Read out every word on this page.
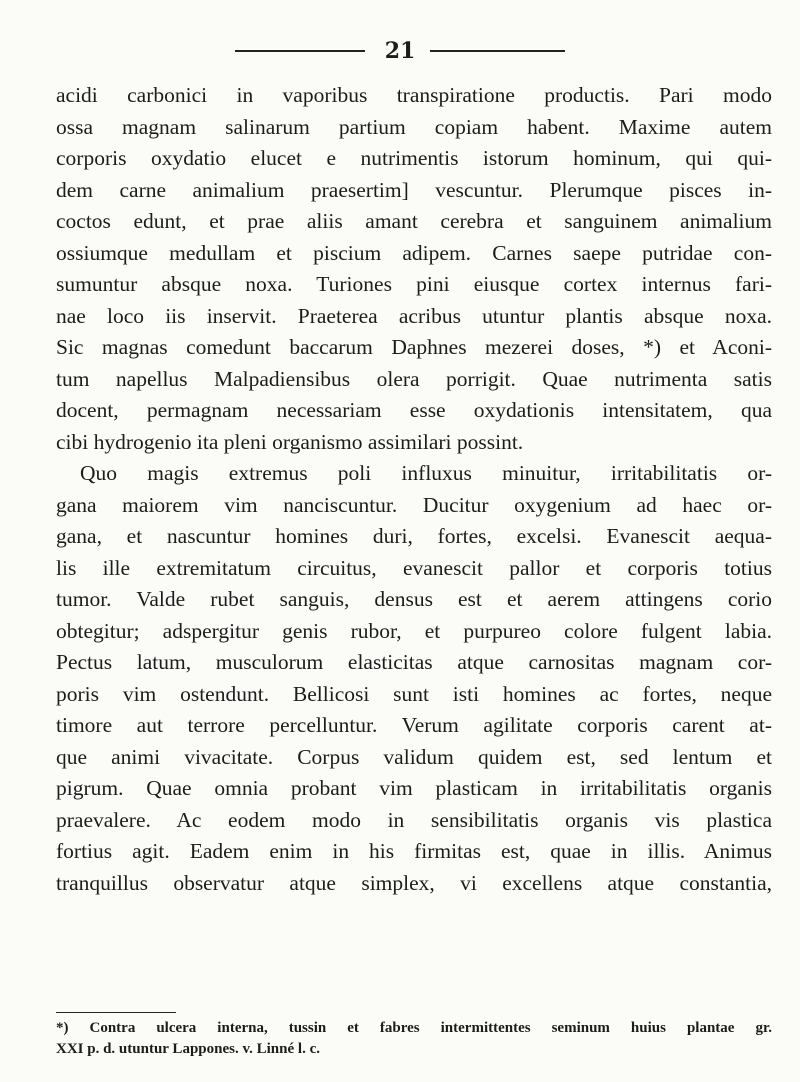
21
acidi carbonici in vaporibus transpiratione productis. Pari modo
ossa magnam salinarum partium copiam habent. Maxime autem
corporis oxydatio elucet e nutrimentis istorum hominum, qui qui-
dem carne animalium praesertim] vescuntur. Plerumque pisces in-
coctos edunt, et prae aliis amant cerebra et sanguinem animalium
ossiumque medullam et piscium adipem. Carnes saepe putridae con-
sumuntur absque noxa. Turiones pini eiusque cortex internus fari-
nae loco iis inservit. Praeterea acribus utuntur plantis absque noxa.
Sic magnas comedunt baccarum Daphnes mezerei doses, *) et Aconi-
tum napellus Malpadiensibus olera porrigit. Quae nutrimenta satis
docent, permagnam necessariam esse oxydationis intensitatem, qua
cibi hydrogenio ita pleni organismo assimilari possint.
Quo magis extremus poli influxus minuitur, irritabilitatis or-
gana maiorem vim nanciscuntur. Ducitur oxygenium ad haec or-
gana, et nascuntur homines duri, fortes, excelsi. Evanescit aequa-
lis ille extremitatum circuitus, evanescit pallor et corporis totius
tumor. Valde rubet sanguis, densus est et aerem attingens corio
obtegitur; adspergitur genis rubor, et purpureo colore fulgent labia.
Pectus latum, musculorum elasticitas atque carnositas magnam cor-
poris vim ostendunt. Bellicosi sunt isti homines ac fortes, neque
timore aut terrore percelluntur. Verum agilitate corporis carent at-
que animi vivacitate. Corpus validum quidem est, sed lentum et
pigrum. Quae omnia probant vim plasticam in irritabilitatis organis
praevalere. Ac eodem modo in sensibilitatis organis vis plastica
fortius agit. Eadem enim in his firmitas est, quae in illis. Animus
tranquillus observatur atque simplex, vi excellens atque constantia,
*) Contra ulcera interna, tussin et fabres intermittentes seminum huius plantae gr.
XXI p. d. utuntur Lappones. v. Linné l. c.
